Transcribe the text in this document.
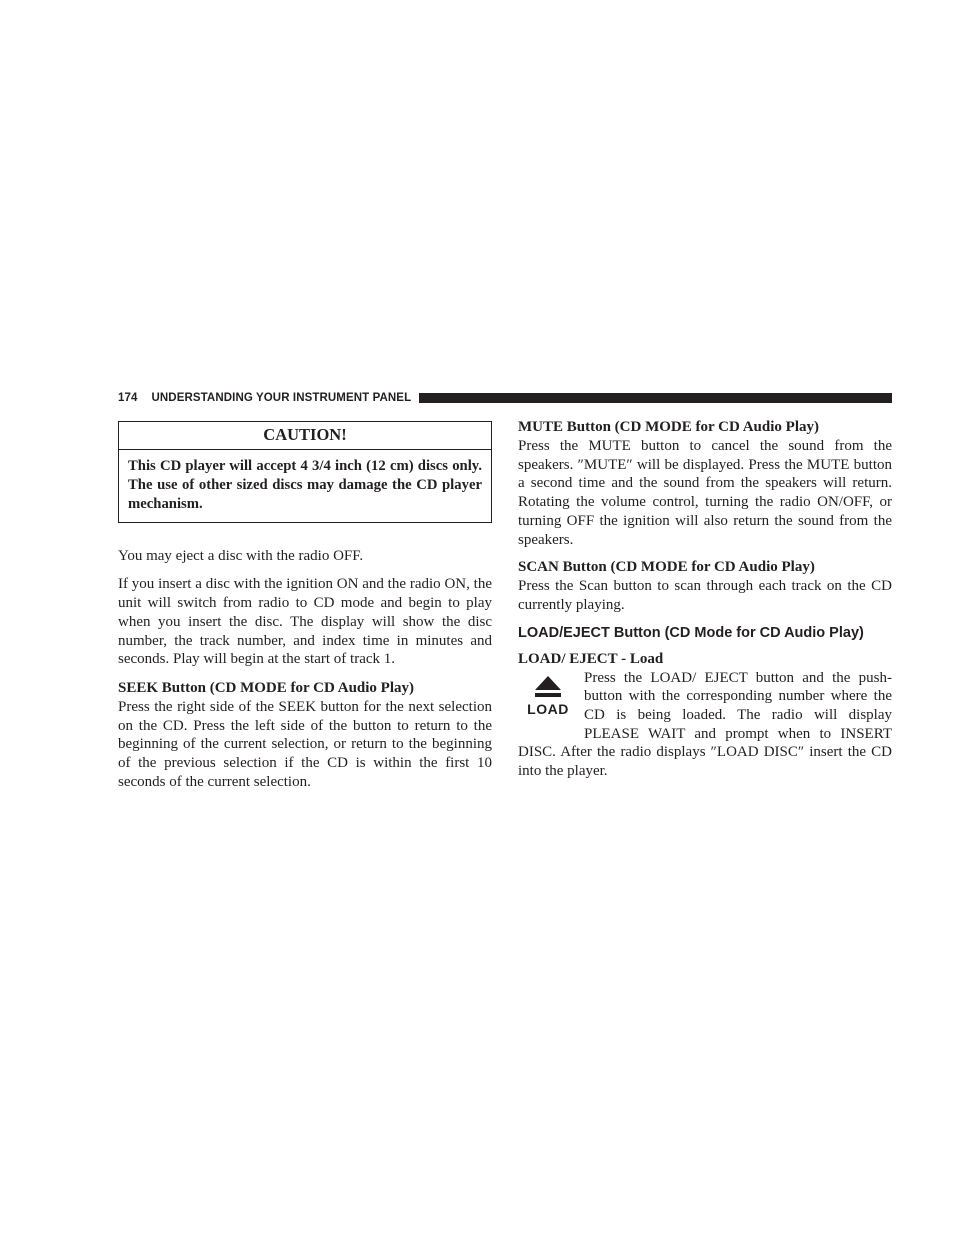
174 UNDERSTANDING YOUR INSTRUMENT PANEL
CAUTION!
This CD player will accept 4 3/4 inch (12 cm) discs only. The use of other sized discs may damage the CD player mechanism.

You may eject a disc with the radio OFF.

If you insert a disc with the ignition ON and the radio ON, the unit will switch from radio to CD mode and begin to play when you insert the disc. The display will show the disc number, the track number, and index time in minutes and seconds. Play will begin at the start of track 1.

SEEK Button (CD MODE for CD Audio Play)

Press the right side of the SEEK button for the next selection on the CD. Press the left side of the button to return to the beginning of the current selection, or return to the beginning of the previous selection if the CD is within the first 10 seconds of the current selection.

MUTE Button (CD MODE for CD Audio Play)

Press the MUTE button to cancel the sound from the speakers. ″MUTE″ will be displayed. Press the MUTE button a second time and the sound from the speakers will return. Rotating the volume control, turning the radio ON/OFF, or turning OFF the ignition will also return the sound from the speakers.

SCAN Button (CD MODE for CD Audio Play)

Press the Scan button to scan through each track on the CD currently playing.

LOAD/EJECT Button (CD Mode for CD Audio Play)
LOAD/ EJECT - Load
LOAD

Press the LOAD/ EJECT button and the push-button with the corresponding number where the CD is being loaded. The radio will display PLEASE WAIT and prompt when to INSERT DISC. After the radio displays ″LOAD DISC″ insert the CD into the player.
